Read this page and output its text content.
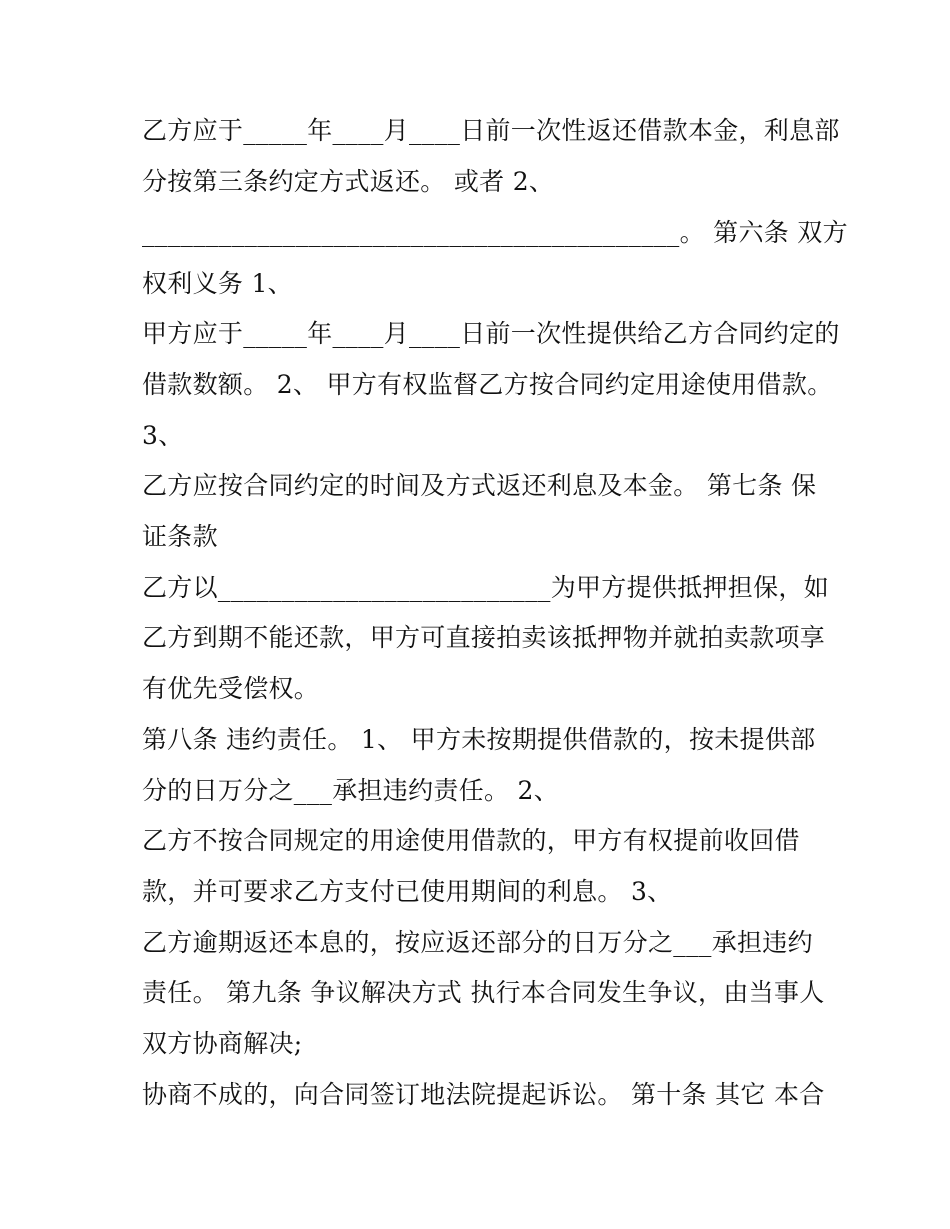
乙方应于_____年____月____日前一次性返还借款本金，利息部
分按第三条约定方式返还。 或者 2、
__________________________________________。 第六条 双方
权利义务 1、
甲方应于_____年____月____日前一次性提供给乙方合同约定的
借款数额。 2、 甲方有权监督乙方按合同约定用途使用借款。
3、
乙方应按合同约定的时间及方式返还利息及本金。 第七条 保
证条款
乙方以__________________________为甲方提供抵押担保，如
乙方到期不能还款，甲方可直接拍卖该抵押物并就拍卖款项享
有优先受偿权。
第八条 违约责任。 1、 甲方未按期提供借款的，按未提供部
分的日万分之___承担违约责任。 2、
乙方不按合同规定的用途使用借款的，甲方有权提前收回借
款，并可要求乙方支付已使用期间的利息。 3、
乙方逾期返还本息的，按应返还部分的日万分之___承担违约
责任。 第九条 争议解决方式 执行本合同发生争议，由当事人
双方协商解决;
协商不成的，向合同签订地法院提起诉讼。 第十条 其它 本合
